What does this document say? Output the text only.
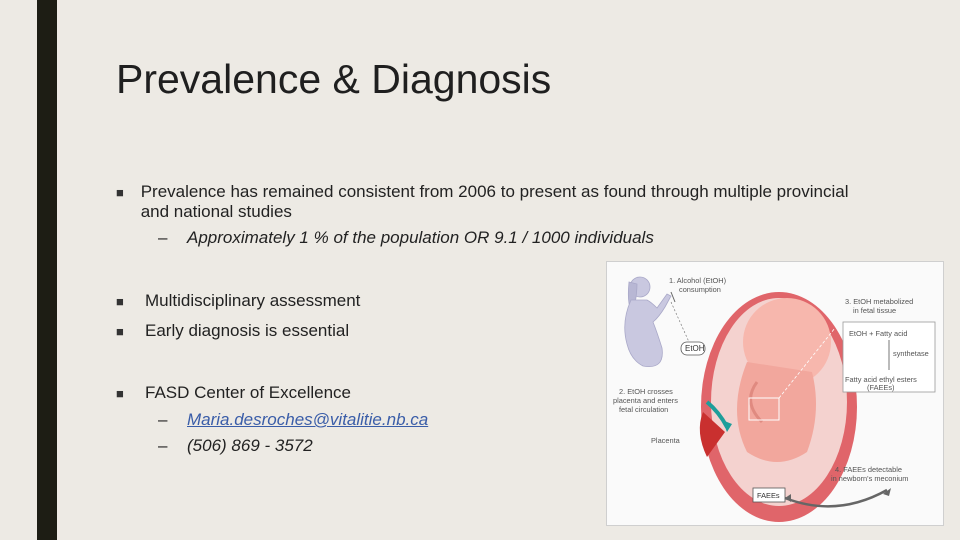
Prevalence & Diagnosis
■ Prevalence has remained consistent from 2006 to present as found through multiple provincial and national studies
–	Approximately 1 % of the population OR 9.1 / 1000 individuals
■	Multidisciplinary assessment
■	Early diagnosis is essential
■	FASD Center of Excellence
–	Maria.desroches@vitalitie.nb.ca
–	(506) 869 - 3572
EtOH
1. Alcohol (EtOH)
consumption
2. EtOH crosses
placenta and enters
fetal circulation
Placenta
3. EtOH metabolized
in fetal tissue
4. FAEEs detectable
in newborn's meconium
EtOH + Fatty acid
synthetase
Fatty acid ethyl esters
(FAEEs)
FAEEs
